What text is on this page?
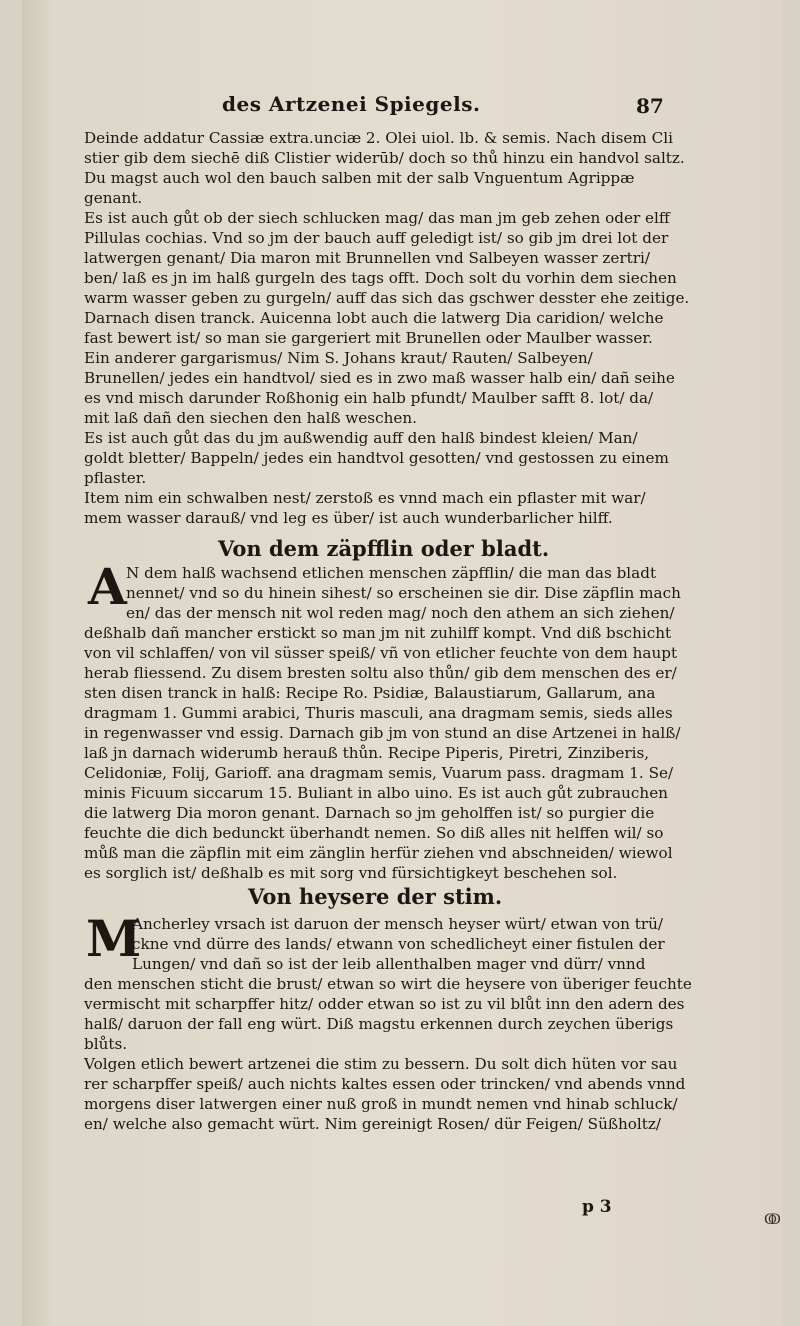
des Artzenei Spiegels.	87
Deinde addatur Cassiæ extra.unciæ 2. Olei uiol. lb. & semis. Nach disem Cli
stier gib dem siechē diß Clistier widerūb/ doch so thů hinzu ein handvol saltz.
Du magst auch wol den bauch salben mit der salb Vnguentum Agrippæ
genant.
Es ist auch gůt ob der siech schlucken mag/ das man jm geb zehen oder elff
Pillulas cochias. Vnd so jm der bauch auff geledigt ist/ so gib jm drei lot der
latwergen genant/ Dia maron mit Brunnellen vnd Salbeyen wasser zertri/
ben/ laß es jn im halß gurgeln des tags offt. Doch solt du vorhin dem siechen
warm wasser geben zu gurgeln/ auff das sich das gschwer desster ehe zeitige.
Darnach disen tranck. Auicenna lobt auch die latwerg Dia caridion/ welche
fast bewert ist/ so man sie gargeriert mit Brunellen oder Maulber wasser.
Ein anderer gargarismus/ Nim S. Johans kraut/ Rauten/ Salbeyen/
Brunellen/ jedes ein handtvol/ sied es in zwo maß wasser halb ein/ dañ seihe
es vnd misch darunder Roßhonig ein halb pfundt/ Maulber safft 8. lot/ da/
mit laß dañ den siechen den halß weschen.
Es ist auch gůt das du jm außwendig auff den halß bindest kleien/ Man/
goldt bletter/ Bappeln/ jedes ein handtvol gesotten/ vnd gestossen zu einem
pflaster.
Item nim ein schwalben nest/ zerstoß es vnnd mach ein pflaster mit war/
mem wasser darauß/ vnd leg es über/ ist auch wunderbarlicher hilff.
Von dem zäpfflin oder bladt.
A N dem halß wachsend etlichen menschen zäpfflin/ die man das bladt
nennet/ vnd so du hinein sihest/ so erscheinen sie dir. Dise zäpflin mach
en/ das der mensch nit wol reden mag/ noch den athem an sich ziehen/
deßhalb dañ mancher erstickt so man jm nit zuhilff kompt. Vnd diß bschicht
von vil schlaffen/ von vil süsser speiß/ vñ von etlicher feuchte von dem haupt
herab fliessend. Zu disem bresten soltu also thůn/ gib dem menschen des er/
sten disen tranck in halß: Recipe Ro. Psidiæ, Balaustiarum, Gallarum, ana
dragmam 1. Gummi arabici, Thuris masculi, ana dragmam semis, sieds alles
in regenwasser vnd essig. Darnach gib jm von stund an dise Artzenei in halß/
laß jn darnach widerumb herauß thůn. Recipe Piperis, Piretri, Zinziberis,
Celidoniæ, Folij, Garioff. ana dragmam semis, Vuarum pass. dragmam 1. Se/
minis Ficuum siccarum 15. Buliant in albo uino. Es ist auch gůt zubrauchen
die latwerg Dia moron genant. Darnach so jm geholffen ist/ so purgier die
feuchte die dich bedunckt überhandt nemen. So diß alles nit helffen wil/ so
můß man die zäpflin mit eim zänglin herfür ziehen vnd abschneiden/ wiewol
es sorglich ist/ deßhalb es mit sorg vnd fürsichtigkeyt beschehen sol.
Von heysere der stim.
M
Ancherley vrsach ist daruon der mensch heyser würt/ etwan von trü/
ckne vnd dürre des lands/ etwann von schedlicheyt einer fistulen der
Lungen/ vnd dañ so ist der leib allenthalben mager vnd dürr/ vnnd
den menschen sticht die brust/ etwan so wirt die heysere von überiger feuchte
vermischt mit scharpffer hitz/ odder etwan so ist zu vil blůt inn den adern des
halß/ daruon der fall eng würt. Diß magstu erkennen durch zeychen überigs
blůts.
Volgen etlich bewert artzenei die stim zu bessern. Du solt dich hüten vor sau
rer scharpffer speiß/ auch nichts kaltes essen oder trincken/ vnd abends vnnd
morgens diser latwergen einer nuß groß in mundt nemen vnd hinab schluck/
en/ welche also gemacht würt. Nim gereinigt Rosen/ dür Feigen/ Süßholtz/
p 3
ↂ
